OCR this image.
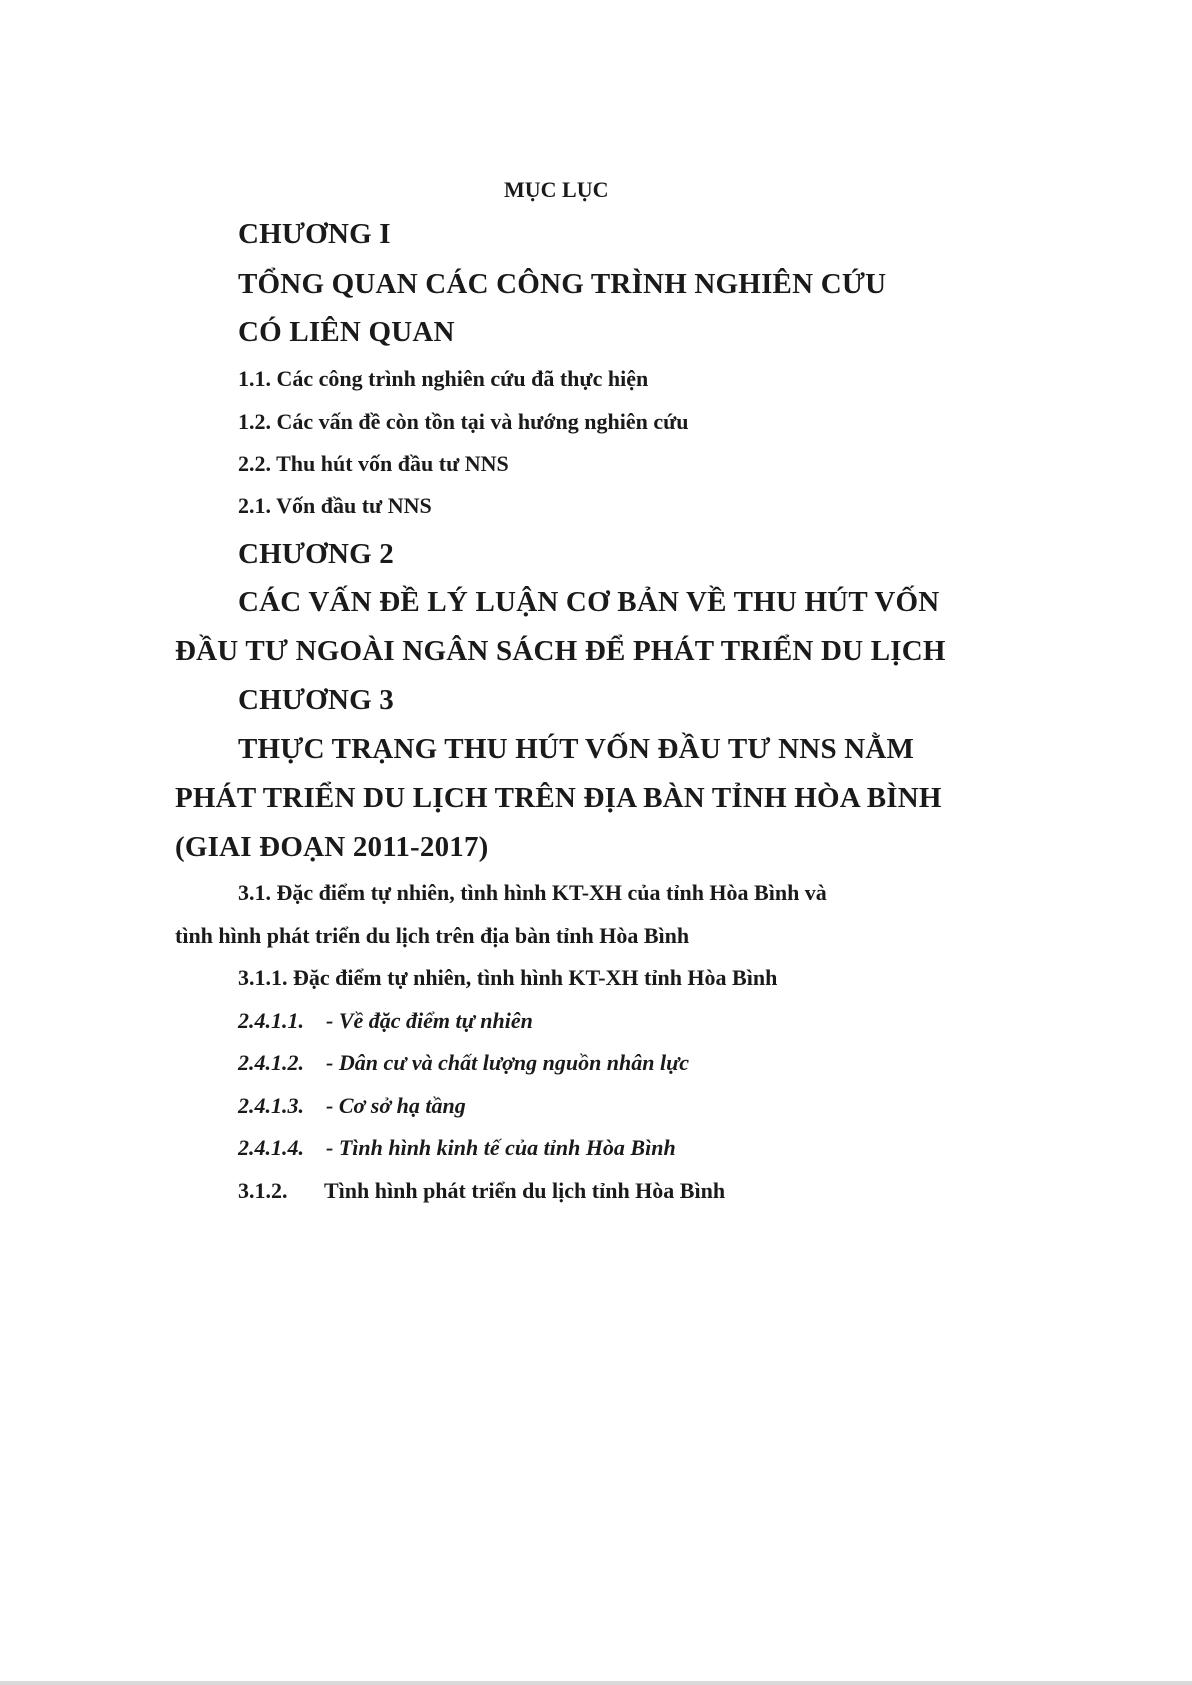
MỤC LỤC
CHƯƠNG I
TỔNG QUAN CÁC CÔNG TRÌNH NGHIÊN CỨU
CÓ LIÊN QUAN
1.1. Các công trình nghiên cứu đã thực hiện
1.2. Các vấn đề còn tồn tại và hướng nghiên cứu
2.2. Thu hút vốn đầu tư NNS
2.1. Vốn đầu tư NNS
CHƯƠNG 2
CÁC VẤN ĐỀ LÝ LUẬN CƠ BẢN VỀ THU HÚT VỐN
ĐẦU TƯ NGOÀI NGÂN SÁCH ĐỂ PHÁT TRIỂN DU LỊCH
CHƯƠNG 3
THỰC TRẠNG THU HÚT VỐN ĐẦU TƯ NNS NẰM
PHÁT TRIỂN DU LỊCH TRÊN ĐỊA BÀN TỈNH HÒA BÌNH
(GIAI ĐOẠN 2011-2017)
3.1. Đặc điểm tự nhiên, tình hình KT-XH của tỉnh Hòa Bình và
tình hình phát triển du lịch trên địa bàn tỉnh Hòa Bình
3.1.1. Đặc điểm tự nhiên, tình hình KT-XH tỉnh Hòa Bình
2.4.1.1. - Về đặc điểm tự nhiên
2.4.1.2. - Dân cư và chất lượng nguồn nhân lực
2.4.1.3. - Cơ sở hạ tầng
2.4.1.4. - Tình hình kinh tế của tỉnh Hòa Bình
3.1.2. Tình hình phát triển du lịch tỉnh Hòa Bình
